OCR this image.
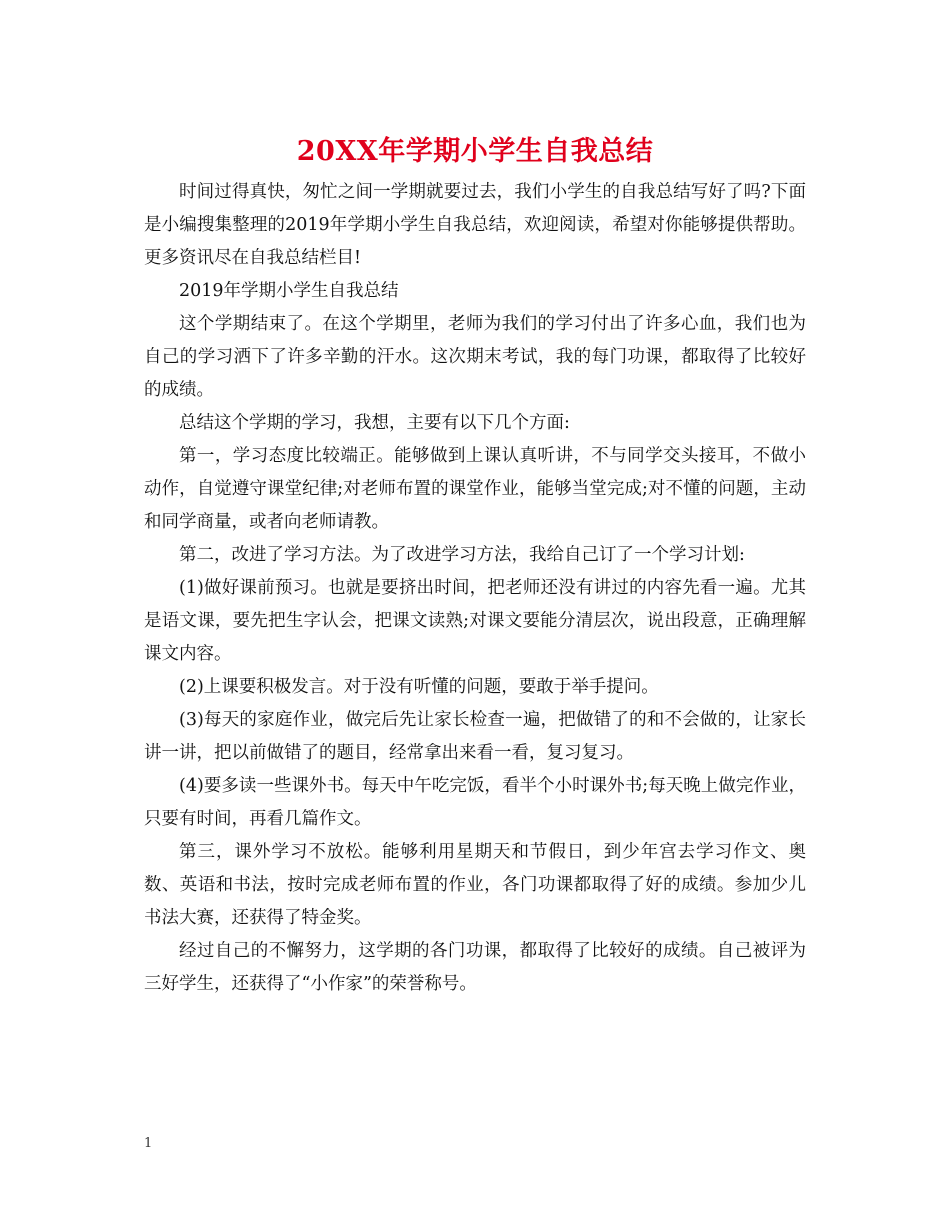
20XX年学期小学生自我总结

时间过得真快，匆忙之间一学期就要过去，我们小学生的自我总结写好了吗?下面是小编搜集整理的2019年学期小学生自我总结，欢迎阅读，希望对你能够提供帮助。更多资讯尽在自我总结栏目!

2019年学期小学生自我总结

这个学期结束了。在这个学期里，老师为我们的学习付出了许多心血，我们也为自己的学习洒下了许多辛勤的汗水。这次期末考试，我的每门功课，都取得了比较好的成绩。

总结这个学期的学习，我想，主要有以下几个方面:

第一，学习态度比较端正。能够做到上课认真听讲，不与同学交头接耳，不做小动作，自觉遵守课堂纪律;对老师布置的课堂作业，能够当堂完成;对不懂的问题，主动和同学商量，或者向老师请教。

第二，改进了学习方法。为了改进学习方法，我给自己订了一个学习计划:

(1)做好课前预习。也就是要挤出时间，把老师还没有讲过的内容先看一遍。尤其是语文课，要先把生字认会，把课文读熟;对课文要能分清层次，说出段意，正确理解课文内容。

(2)上课要积极发言。对于没有听懂的问题，要敢于举手提问。

(3)每天的家庭作业，做完后先让家长检查一遍，把做错了的和不会做的，让家长讲一讲，把以前做错了的题目，经常拿出来看一看，复习复习。

(4)要多读一些课外书。每天中午吃完饭，看半个小时课外书;每天晚上做完作业，只要有时间，再看几篇作文。

第三，课外学习不放松。能够利用星期天和节假日，到少年宫去学习作文、奥数、英语和书法，按时完成老师布置的作业，各门功课都取得了好的成绩。参加少儿书法大赛，还获得了特金奖。

经过自己的不懈努力，这学期的各门功课，都取得了比较好的成绩。自己被评为三好学生，还获得了“小作家”的荣誉称号。

1
